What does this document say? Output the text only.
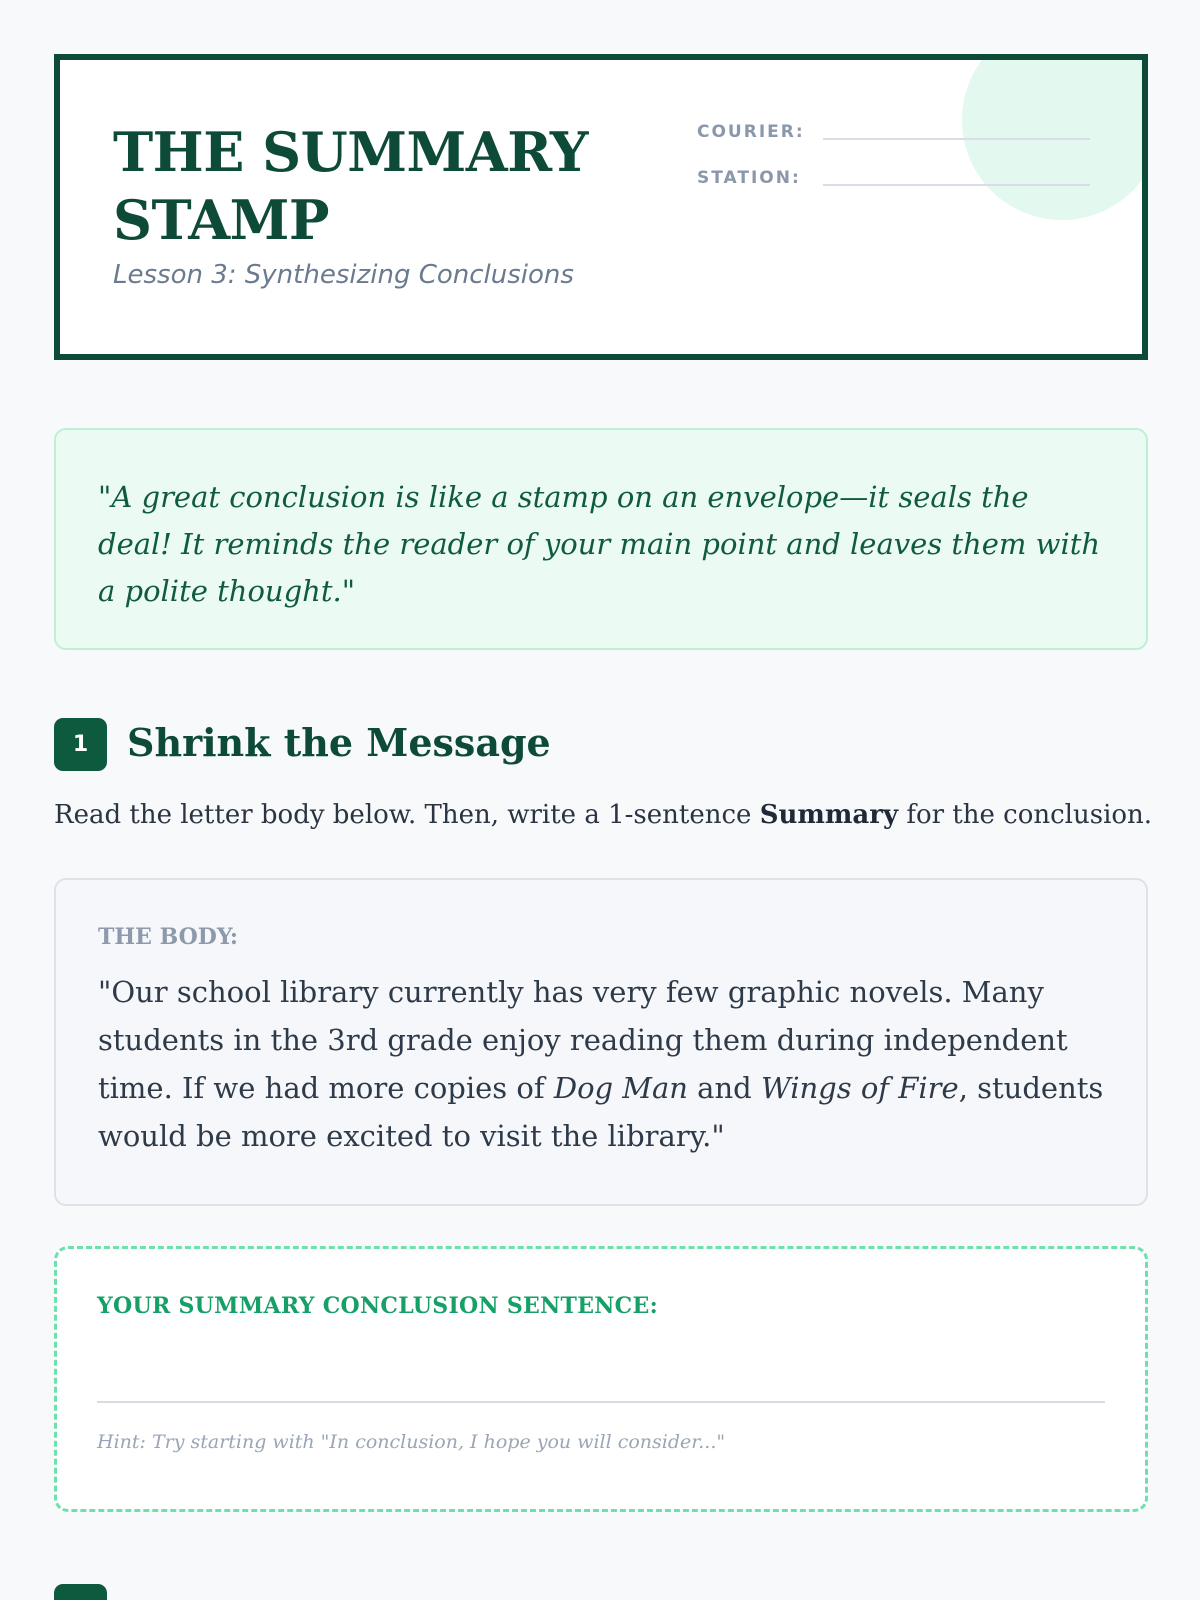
THE SUMMARY STAMP
Lesson 3: Synthesizing Conclusions
COURIER:
STATION:

"A great conclusion is like a stamp on an envelope—it seals the deal! It reminds the reader of your main point and leaves them with a polite thought."

1	Shrink the Message

Read the letter body below. Then, write a 1-sentence Summary for the conclusion.

THE BODY:

"Our school library currently has very few graphic novels. Many students in the 3rd grade enjoy reading them during independent time. If we had more copies of Dog Man and Wings of Fire, students would be more excited to visit the library."

YOUR SUMMARY CONCLUSION SENTENCE:
Hint: Try starting with "In conclusion, I hope you will consider..."
